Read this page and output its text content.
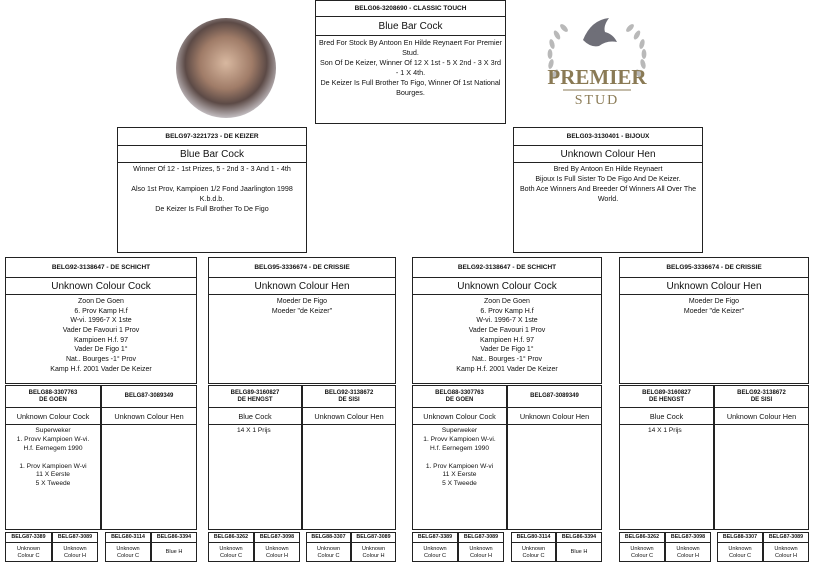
BELG06-3208690 - CLASSIC TOUCH
Blue Bar Cock
Bred For Stock By Antoon En Hilde Reynaert For Premier Stud.
Son Of De Keizer, Winner Of 12 X 1st - 5 X 2nd - 3 X 3rd - 1 X 4th.
De Keizer Is Full Brother To Figo, Winner Of 1st National Bourges.
PREMIER
STUD
BELG97-3221723 - DE KEIZER
Blue Bar Cock
Winner Of 12 - 1st Prizes, 5 - 2nd 3 - 3 And 1 - 4th

Also 1st Prov, Kampioen 1/2 Fond Jaarlington 1998 K.b.d.b.
De Keizer Is Full Brother To De Figo
BELG03-3130401 - BIJOUX
Unknown Colour Hen
Bred By Antoon En Hilde Reynaert
Bijoux Is Full Sister To De Figo And De Keizer.
Both Ace Winners And Breeder Of Winners All Over The World.
BELG92-3138647 - DE SCHICHT
Unknown Colour Cock
Zoon De Goen
6. Prov Kamp H.f
W-vi. 1996-7 X 1ste
Vader De Favouri 1 Prov
Kampioen H.f. 97
Vader De Figo 1°
Nat.. Bourges -1° Prov
Kamp H.f. 2001 Vader De Keizer
BELG95-3336674 - DE CRISSIE
Unknown Colour Hen
Moeder De Figo
Moeder "de Keizer"
BELG92-3138647 - DE SCHICHT
Unknown Colour Cock
Zoon De Goen
6. Prov Kamp H.f
W-vi. 1996-7 X 1ste
Vader De Favouri 1 Prov
Kampioen H.f. 97
Vader De Figo 1°
Nat.. Bourges -1° Prov
Kamp H.f. 2001 Vader De Keizer
BELG95-3336674 - DE CRISSIE
Unknown Colour Hen
Moeder De Figo
Moeder "de Keizer"
BELG88-3307763
DE GOEN
Unknown Colour Cock
Superweker
1. Provv Kampioen W-vi.
H.f. Eernegem 1990

1. Prov Kampioen W-vi
11 X Eerste
5 X Tweede
BELG87-3089349
Unknown Colour Hen
BELG89-3160827
DE HENGST
Blue Cock
14 X 1 Prijs
BELG92-3138672
DE SISI
Unknown Colour Hen
BELG88-3307763
DE GOEN
Unknown Colour Cock
Superweker
1. Provv Kampioen W-vi.
H.f. Eernegem 1990

1. Prov Kampioen W-vi
11 X Eerste
5 X Tweede
BELG87-3089349
Unknown Colour Hen
BELG89-3160827
DE HENGST
Blue Cock
14 X 1 Prijs
BELG92-3138672
DE SISI
Unknown Colour Hen
BELG87-3389
Unknown
Colour C
BELG87-3089
Unknown
Colour H
BELG80-3114
Unknown
Colour C
BELG86-3394
Blue H
BELG86-3262
Unknown
Colour C
BELG87-3098
Unknown
Colour H
BELG88-3307
Unknown
Colour C
BELG87-3089
Unknown
Colour H
BELG87-3389
Unknown
Colour C
BELG87-3089
Unknown
Colour H
BELG80-3114
Unknown
Colour C
BELG86-3394
Blue H
BELG86-3262
Unknown
Colour C
BELG87-3098
Unknown
Colour H
BELG88-3307
Unknown
Colour C
BELG87-3089
Unknown
Colour H
